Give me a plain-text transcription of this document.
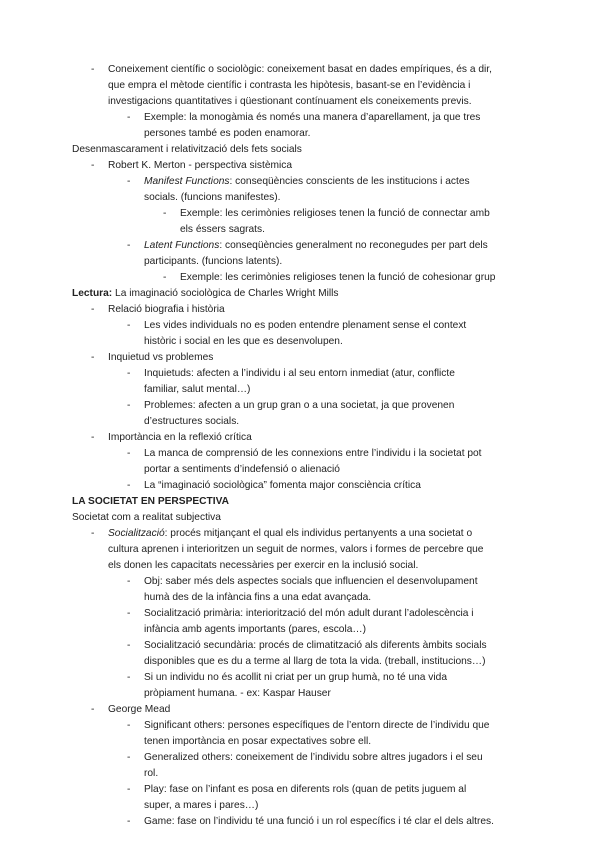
- Coneixement científic o sociològic: coneixement basat en dades empíriques, és a dir,
que empra el mètode científic i contrasta les hipòtesis, basant-se en l’evidència i
investigacions quantitatives i qüestionant contínuament els coneixements previs.
- Exemple: la monogàmia és només una manera d’aparellament, ja que tres
persones també es poden enamorar.
Desenmascarament i relativització dels fets socials
- Robert K. Merton - perspectiva sistèmica
- Manifest Functions: conseqüències conscients de les institucions i actes
socials. (funcions manifestes).
- Exemple: les cerimònies religioses tenen la funció de connectar amb
els éssers sagrats.
- Latent Functions: conseqüències generalment no reconegudes per part dels
participants. (funcions latents).
- Exemple: les cerimònies religioses tenen la funció de cohesionar grup
Lectura: La imaginació sociològica de Charles Wright Mills
- Relació biografia i història
- Les vides individuals no es poden entendre plenament sense el context
històric i social en les que es desenvolupen.
- Inquietud vs problemes
- Inquietuds: afecten a l’individu i al seu entorn inmediat (atur, conflicte
familiar, salut mental…)
- Problemes: afecten a un grup gran o a una societat, ja que provenen
d’estructures socials.
- Importància en la reflexió crítica
- La manca de comprensió de les connexions entre l’individu i la societat pot
portar a sentiments d’indefensió o alienació
- La “imaginació sociològica” fomenta major consciència crítica
LA SOCIETAT EN PERSPECTIVA
Societat com a realitat subjectiva
- Socialització: procés mitjançant el qual els individus pertanyents a una societat o
cultura aprenen i interioritzen un seguit de normes, valors i formes de percebre que
els donen les capacitats necessàries per exercir en la inclusió social.
- Obj: saber més dels aspectes socials que influencien el desenvolupament
humà des de la infància fins a una edat avançada.
- Socialització primària: interiorització del món adult durant l’adolescència i
infància amb agents importants (pares, escola…)
- Socialització secundària: procés de climatització als diferents àmbits socials
disponibles que es du a terme al llarg de tota la vida. (treball, institucions…)
- Si un individu no és acollit ni criat per un grup humà, no té una vida
pròpiament humana. - ex: Kaspar Hauser
- George Mead
- Significant others: persones específiques de l’entorn directe de l’individu que
tenen importància en posar expectatives sobre ell.
- Generalized others: coneixement de l’individu sobre altres jugadors i el seu
rol.
- Play: fase on l’infant es posa en diferents rols (quan de petits juguem al
super, a mares i pares…)
- Game: fase on l’individu té una funció i un rol específics i té clar el dels altres.
